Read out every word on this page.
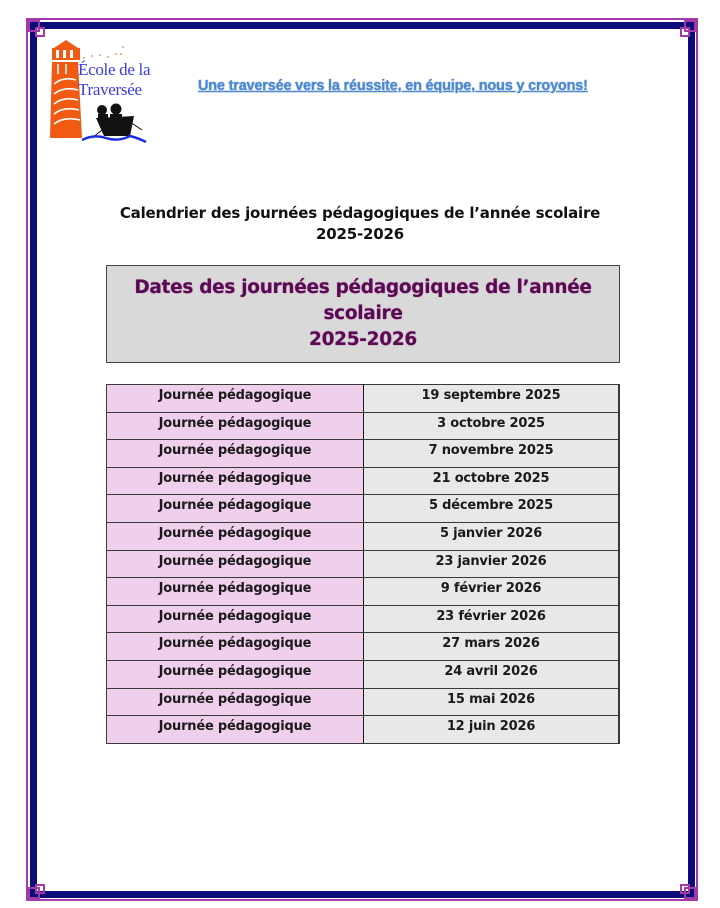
École de la
Traversée	Une traversée vers la réussite, en équipe, nous y croyons!
Calendrier des journées pédagogiques de l’année scolaire
2025-2026
Dates des journées pédagogiques de l’année scolaire
2025-2026
Journée pédagogique	19 septembre 2025
Journée pédagogique	3 octobre 2025
Journée pédagogique	7 novembre 2025
Journée pédagogique	21 octobre 2025
Journée pédagogique	5 décembre 2025
Journée pédagogique	5 janvier 2026
Journée pédagogique	23 janvier 2026
Journée pédagogique	9 février 2026
Journée pédagogique	23 février 2026
Journée pédagogique	27 mars 2026
Journée pédagogique	24 avril 2026
Journée pédagogique	15 mai 2026
Journée pédagogique	12 juin 2026
